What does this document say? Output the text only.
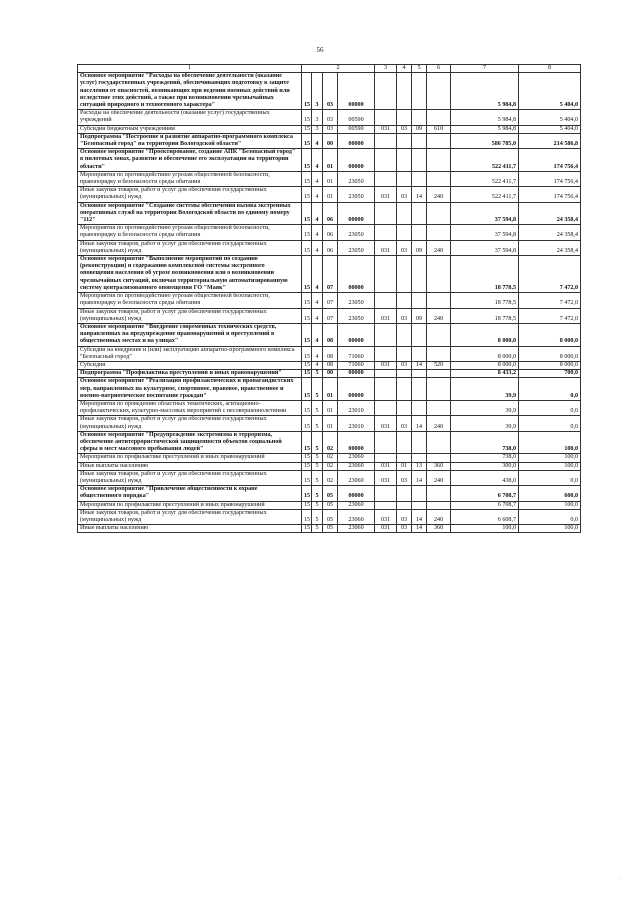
56
1	2				3	4	5	6	7	8
Основное мероприятие "Расходы на обеспечение деятельности (оказание услуг) государственных учреждений, обеспечивающих подготовку к защите населения от опасностей, возникающих при ведении военных действий или вследствие этих действий, а также при возникновении чрезвычайных ситуаций природного и техногенного характера"	15	3	03	00000					5 984,8	5 404,0
Расходы на обеспечение деятельности (оказание услуг) государственных учреждений	15	3	03	00590					5 984,8	5 404,0
Субсидии бюджетным учреждениям	15	3	03	00590	031	03	09	610	5 984,8	5 404,0
Подпрограмма "Построение и развитие аппаратно-программного комплекса "Безопасный город" на территории Вологодской области"	15	4	00	00000					586 785,0	214 586,8
Основное мероприятие "Проектирование, создание АПК "Безопасный город" в пилотных зонах, развитие и обеспечение его эксплуатации на территории области"	15	4	01	00000					522 411,7	174 756,4
Мероприятия по противодействию угрозам общественной безопасности, правопорядку и безопасности среды обитания	15	4	01	23050					522 411,7	174 756,4
Иные закупки товаров, работ и услуг для обеспечения государственных (муниципальных) нужд	15	4	01	23050	031	03	14	240	522 411,7	174 756,4
Основное мероприятие "Создание системы обеспечения вызова экстренных оперативных служб на территории Вологодской области по единому номеру "112"	15	4	06	00000					37 594,8	24 358,4
Мероприятия по противодействию угрозам общественной безопасности, правопорядку и безопасности среды обитания	15	4	06	23050					37 594,8	24 358,4
Иные закупки товаров, работ и услуг для обеспечения государственных (муниципальных) нужд	15	4	06	23050	031	03	09	240	37 594,8	24 358,4
Основное мероприятие "Выполнение мероприятий по созданию (реконструкции) и содержанию комплексной системы экстренного оповещения населения об угрозе возникновения или о возникновении чрезвычайных ситуаций, включая территориальную автоматизированную систему централизованного оповещения ГО "Маяк"	15	4	07	00000					18 778,5	7 472,0
Мероприятия по противодействию угрозам общественной безопасности, правопорядку и безопасности среды обитания	15	4	07	23050					18 778,5	7 472,0
Иные закупки товаров, работ и услуг для обеспечения государственных (муниципальных) нужд	15	4	07	23050	031	03	09	240	18 778,5	7 472,0
Основное мероприятие "Внедрение современных технических средств, направленных на предупреждение правонарушений и преступлений в общественных местах и на улицах"	15	4	08	00000					8 000,0	8 000,0
Субсидии на внедрение и (или) эксплуатацию аппаратно-программного комплекса "Безопасный город"	15	4	08	71060					8 000,0	8 000,0
Субсидии	15	4	08	71060	031	03	14	520	8 000,0	8 000,0
Подпрограмма "Профилактика преступлений и иных правонарушений"	15	5	00	00000					8 433,2	700,0
Основное мероприятие "Реализация профилактических и пропагандистских мер, направленных на культурное, спортивное, правовое, нравственное и военно-патриотическое воспитание граждан"	15	5	01	00000					39,9	0,0
Мероприятия по проведению областных тематических, агитационно-профилактических, культурно-массовых мероприятий с несовершеннолетними	15	5	01	23010					39,9	0,0
Иные закупки товаров, работ и услуг для обеспечения государственных (муниципальных) нужд	15	5	01	23010	031	03	14	240	39,9	0,0
Основное мероприятие "Предупреждение экстремизма и терроризма, обеспечение антитеррористической защищенности объектов социальной сферы и мест массового пребывания людей"	15	5	02	00000					738,0	100,0
Мероприятия по профилактике преступлений и иных правонарушений	15	5	02	23060					738,0	100,0
Иные выплаты населению	15	5	02	23060	031	01	13	360	300,0	100,0
Иные закупки товаров, работ и услуг для обеспечения государственных (муниципальных) нужд	15	5	02	23060	031	03	14	240	438,0	0,0
Основное мероприятие "Привлечение общественности к охране общественного порядка"	15	5	05	00000					6 708,7	600,0
Мероприятия по профилактике преступлений и иных правонарушений	15	5	05	23060					6 708,7	100,0
Иные закупки товаров, работ и услуг для обеспечения государственных (муниципальных) нужд	15	5	05	23060	031	03	14	240	6 608,7	0,0
Иные выплаты населению	15	5	05	23060	031	03	14	360	100,0	100,0
·
